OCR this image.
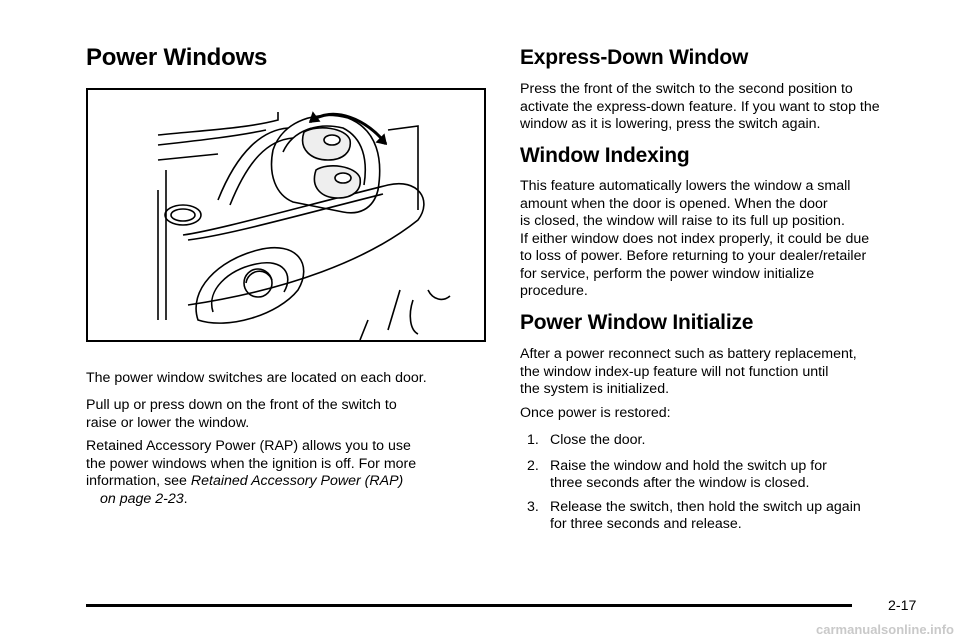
Power Windows

The power window switches are located on each door.

Pull up or press down on the front of the switch to
raise or lower the window.

Retained Accessory Power (RAP) allows you to use
the power windows when the ignition is off. For more
information, see Retained Accessory Power (RAP)
on page 2-23.

Express-Down Window

Press the front of the switch to the second position to
activate the express-down feature. If you want to stop the
window as it is lowering, press the switch again.

Window Indexing

This feature automatically lowers the window a small
amount when the door is opened. When the door
is closed, the window will raise to its full up position.
If either window does not index properly, it could be due
to loss of power. Before returning to your dealer/retailer
for service, perform the power window initialize
procedure.

Power Window Initialize

After a power reconnect such as battery replacement,
the window index-up feature will not function until
the system is initialized.

Once power is restored:

1. Close the door.
2. Raise the window and hold the switch up for
three seconds after the window is closed.
3. Release the switch, then hold the switch up again
for three seconds and release.
2-17
carmanualsonline.info
